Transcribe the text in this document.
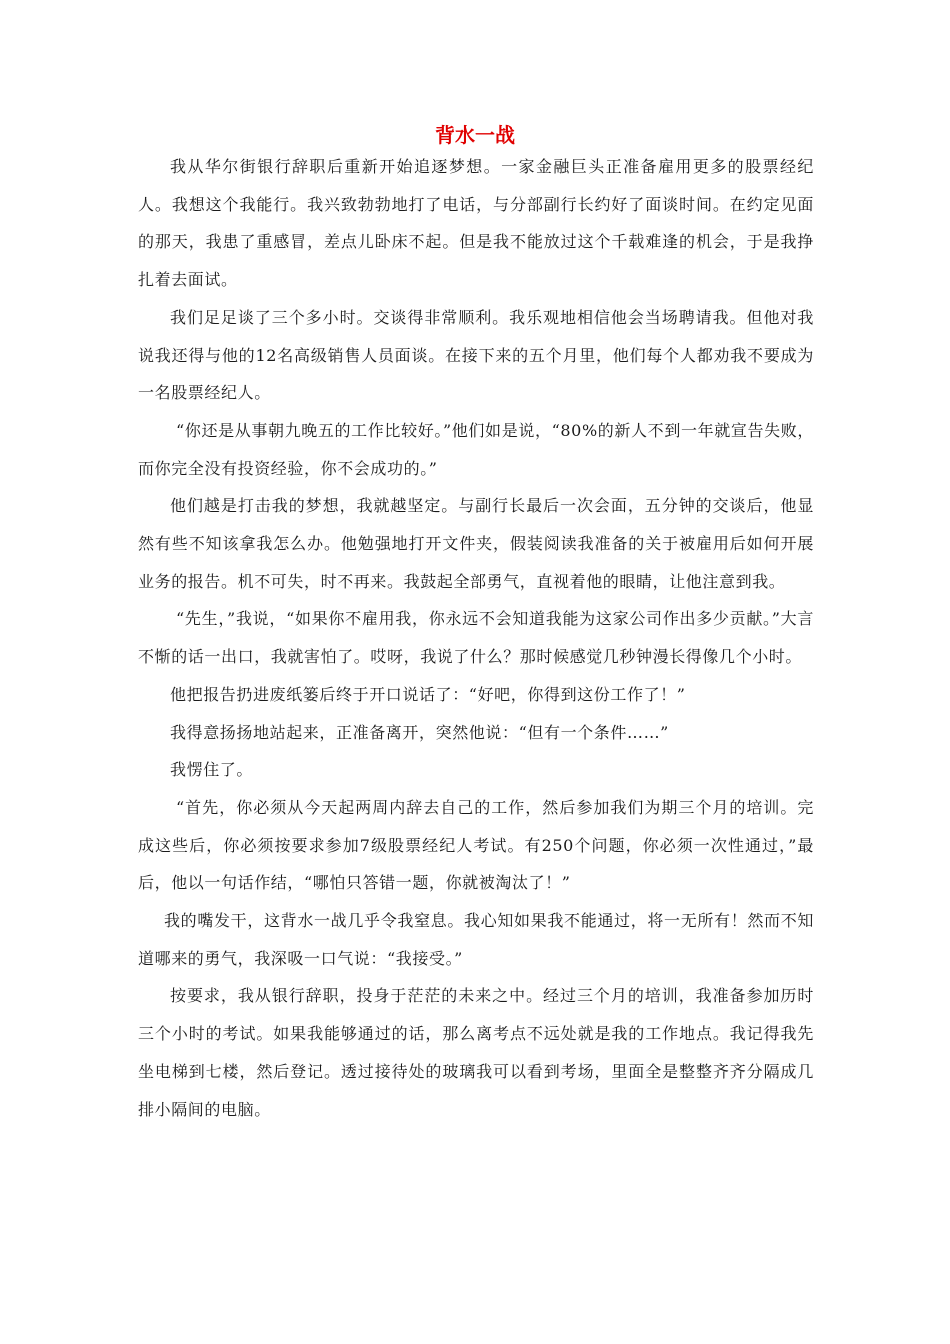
背水一战

我从华尔街银行辞职后重新开始追逐梦想。一家金融巨头正准备雇用更多的股票经纪人。我想这个我能行。我兴致勃勃地打了电话，与分部副行长约好了面谈时间。在约定见面的那天，我患了重感冒，差点儿卧床不起。但是我不能放过这个千载难逢的机会，于是我挣扎着去面试。

我们足足谈了三个多小时。交谈得非常顺利。我乐观地相信他会当场聘请我。但他对我说我还得与他的12名高级销售人员面谈。在接下来的五个月里，他们每个人都劝我不要成为一名股票经纪人。

“你还是从事朝九晚五的工作比较好。”他们如是说，“80%的新人不到一年就宣告失败，而你完全没有投资经验，你不会成功的。”

他们越是打击我的梦想，我就越坚定。与副行长最后一次会面，五分钟的交谈后，他显然有些不知该拿我怎么办。他勉强地打开文件夹，假装阅读我准备的关于被雇用后如何开展业务的报告。机不可失，时不再来。我鼓起全部勇气，直视着他的眼睛，让他注意到我。

“先生，”我说，“如果你不雇用我，你永远不会知道我能为这家公司作出多少贡献。”大言不惭的话一出口，我就害怕了。哎呀，我说了什么？那时候感觉几秒钟漫长得像几个小时。

他把报告扔进废纸篓后终于开口说话了：“好吧，你得到这份工作了！”

我得意扬扬地站起来，正准备离开，突然他说：“但有一个条件……”

我愣住了。

“首先，你必须从今天起两周内辞去自己的工作，然后参加我们为期三个月的培训。完成这些后，你必须按要求参加7级股票经纪人考试。有250个问题，你必须一次性通过，”最后，他以一句话作结，“哪怕只答错一题，你就被淘汰了！”

我的嘴发干，这背水一战几乎令我窒息。我心知如果我不能通过，将一无所有！然而不知道哪来的勇气，我深吸一口气说：“我接受。”

按要求，我从银行辞职，投身于茫茫的未来之中。经过三个月的培训，我准备参加历时三个小时的考试。如果我能够通过的话，那么离考点不远处就是我的工作地点。我记得我先坐电梯到七楼，然后登记。透过接待处的玻璃我可以看到考场，里面全是整整齐齐分隔成几排小隔间的电脑。
